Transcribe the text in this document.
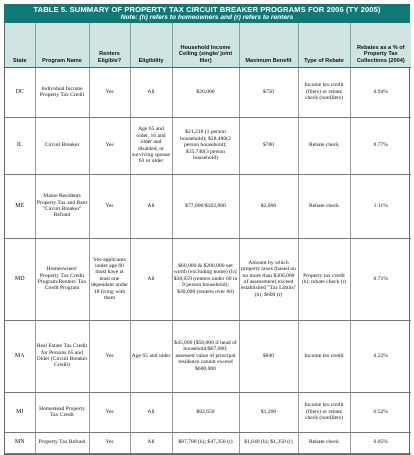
TABLE 5. SUMMARY OF PROPERTY TAX CIRCUIT BREAKER PROGRAMS FOR 2006 (TY 2005)
Note: (h) refers to homeowners and (r) refers to renters
State	Program Name	Renters Eligible?	Eligibility	Household Income Ceiling (single/ joint filer)	Maximum Benefit	Type of Rebate	Rebates as a % of Property Tax Collections (2004)
DC	Individual Income Property Tax Credit	Yes	All	$20,000	$750	Income tax credit (filers) or rebate check (nonfilers)	0.94%
IL	Circuit Breaker	Yes	Age 65 and older, 16 and older and disabled, or surviving spouse 63 or older	$21,218 (1 person household); $28,480(2 person household); $35,740(3 person household)	$700	Rebate check	0.77%
ME	Maine Residents Property Tax and Rent "Circuit Breaker" Refund	Yes	All	$77,000/$102,000	$2,000	Rebate check	1.11%
MD	Homeowners' Property Tax Credit Program/Renters' Tax Credit Program	Yes-applicants under age 60 must have at least one dependent under 18 living with them	All	$60,000 & $200,000 net worth (excluding home) (h); $38,659 (renters under 60 in 9 person household); $30,000 (renters over 60)	Amount by which property taxes (based on no more than $300,000 of assessment) exceed established "Tax Limits" (h); $600 (r)	Property tax credit (h); rebate check (r)	0.71%
MA	Real Estate Tax Credit for Persons 65 and Older (Circuit Breaker Credit)	Yes	Age 65 and older	$45,000 ($58,000 if head of household/$67,000; assessed value of principal residence cannot exceed $600,000	$840	Income tax credit	0.22%
MI	Homestead Property Tax Credit	Yes	All	$82,650	$1,200	Income tax credit (filers) or rebate check (nonfilers)	6.52%
MN	Property Tax Refund	Yes	All	$87,780 (h); $47,350 (r)	$1,640 (h); $1,350 (r)	Rebate check	6.05%
